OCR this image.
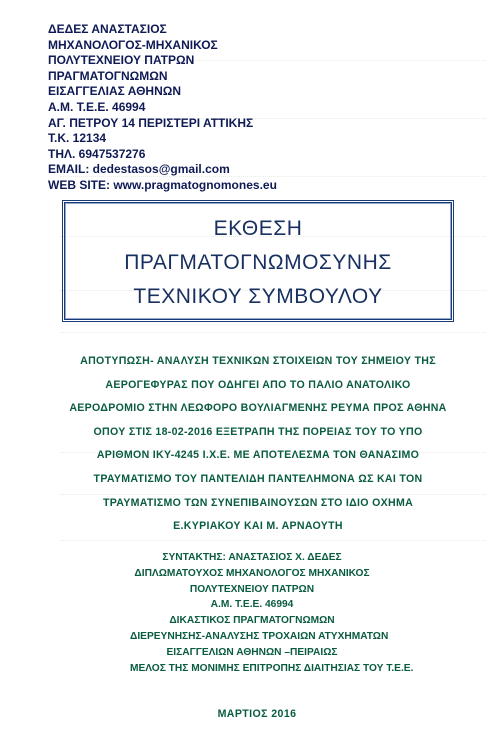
ΔΕΔΕΣ ΑΝΑΣΤΑΣΙΟΣ
ΜΗΧΑΝΟΛΟΓΟΣ-ΜΗΧΑΝΙΚΟΣ
ΠΟΛΥΤΕΧΝΕΙΟΥ ΠΑΤΡΩΝ
ΠΡΑΓΜΑΤΟΓΝΩΜΩΝ
ΕΙΣΑΓΓΕΛΙΑΣ ΑΘΗΝΩΝ
Α.Μ. Τ.Ε.Ε. 46994
ΑΓ. ΠΕΤΡΟΥ 14 ΠΕΡΙΣΤΕΡΙ ΑΤΤΙΚΗΣ
Τ.Κ. 12134
ΤΗΛ. 6947537276
EMAIL: dedestasos@gmail.com
WEB SITE: www.pragmatognomones.eu
ΕΚΘΕΣΗ
ΠΡΑΓΜΑΤΟΓΝΩΜΟΣΥΝΗΣ
ΤΕΧΝΙΚΟΥ ΣΥΜΒΟΥΛΟΥ
ΑΠΟΤΥΠΩΣΗ- ΑΝΑΛΥΣΗ ΤΕΧΝΙΚΩΝ ΣΤΟΙΧΕΙΩΝ ΤΟΥ ΣΗΜΕΙΟΥ ΤΗΣ
ΑΕΡΟΓΕΦΥΡΑΣ ΠΟΥ ΟΔΗΓΕΙ ΑΠΟ ΤΟ ΠΑΛΙΟ ΑΝΑΤΟΛΙΚΟ
ΑΕΡΟΔΡΟΜΙΟ ΣΤΗΝ ΛΕΩΦΟΡΟ ΒΟΥΛΙΑΓΜΕΝΗΣ ΡΕΥΜΑ ΠΡΟΣ ΑΘΗΝΑ
ΟΠΟΥ ΣΤΙΣ 18-02-2016 ΕΞΕΤΡΑΠΗ ΤΗΣ ΠΟΡΕΙΑΣ ΤΟΥ ΤΟ ΥΠΟ
ΑΡΙΘΜΟΝ ΙΚΥ-4245 Ι.Χ.Ε. ΜΕ ΑΠΟΤΕΛΕΣΜΑ ΤΟΝ ΘΑΝΑΣΙΜΟ
ΤΡΑΥΜΑΤΙΣΜΟ ΤΟΥ ΠΑΝΤΕΛΙΔΗ ΠΑΝΤΕΛΗΜΟΝΑ ΩΣ ΚΑΙ ΤΟΝ
ΤΡΑΥΜΑΤΙΣΜΟ ΤΩΝ ΣΥΝΕΠΙΒΑΙΝΟΥΣΩΝ ΣΤΟ ΙΔΙΟ ΟΧΗΜΑ
Ε.ΚΥΡΙΑΚΟΥ ΚΑΙ Μ. ΑΡΝΑΟΥΤΗ
ΣΥΝΤΑΚΤΗΣ: ΑΝΑΣΤΑΣΙΟΣ Χ. ΔΕΔΕΣ
ΔΙΠΛΩΜΑΤΟΥΧΟΣ ΜΗΧΑΝΟΛΟΓΟΣ ΜΗΧΑΝΙΚΟΣ
ΠΟΛΥΤΕΧΝΕΙΟΥ ΠΑΤΡΩΝ
Α.Μ. Τ.Ε.Ε. 46994
ΔΙΚΑΣΤΙΚΟΣ ΠΡΑΓΜΑΤΟΓΝΩΜΩΝ
ΔΙΕΡΕΥΝΗΣΗΣ-ΑΝΑΛΥΣΗΣ ΤΡΟΧΑΙΩΝ ΑΤΥΧΗΜΑΤΩΝ
ΕΙΣΑΓΓΕΛΙΩΝ ΑΘΗΝΩΝ –ΠΕΙΡΑΙΩΣ
ΜΕΛΟΣ ΤΗΣ ΜΟΝΙΜΗΣ ΕΠΙΤΡΟΠΗΣ ΔΙΑΙΤΗΣΙΑΣ ΤΟΥ Τ.Ε.Ε.
ΜΑΡΤΙΟΣ 2016
